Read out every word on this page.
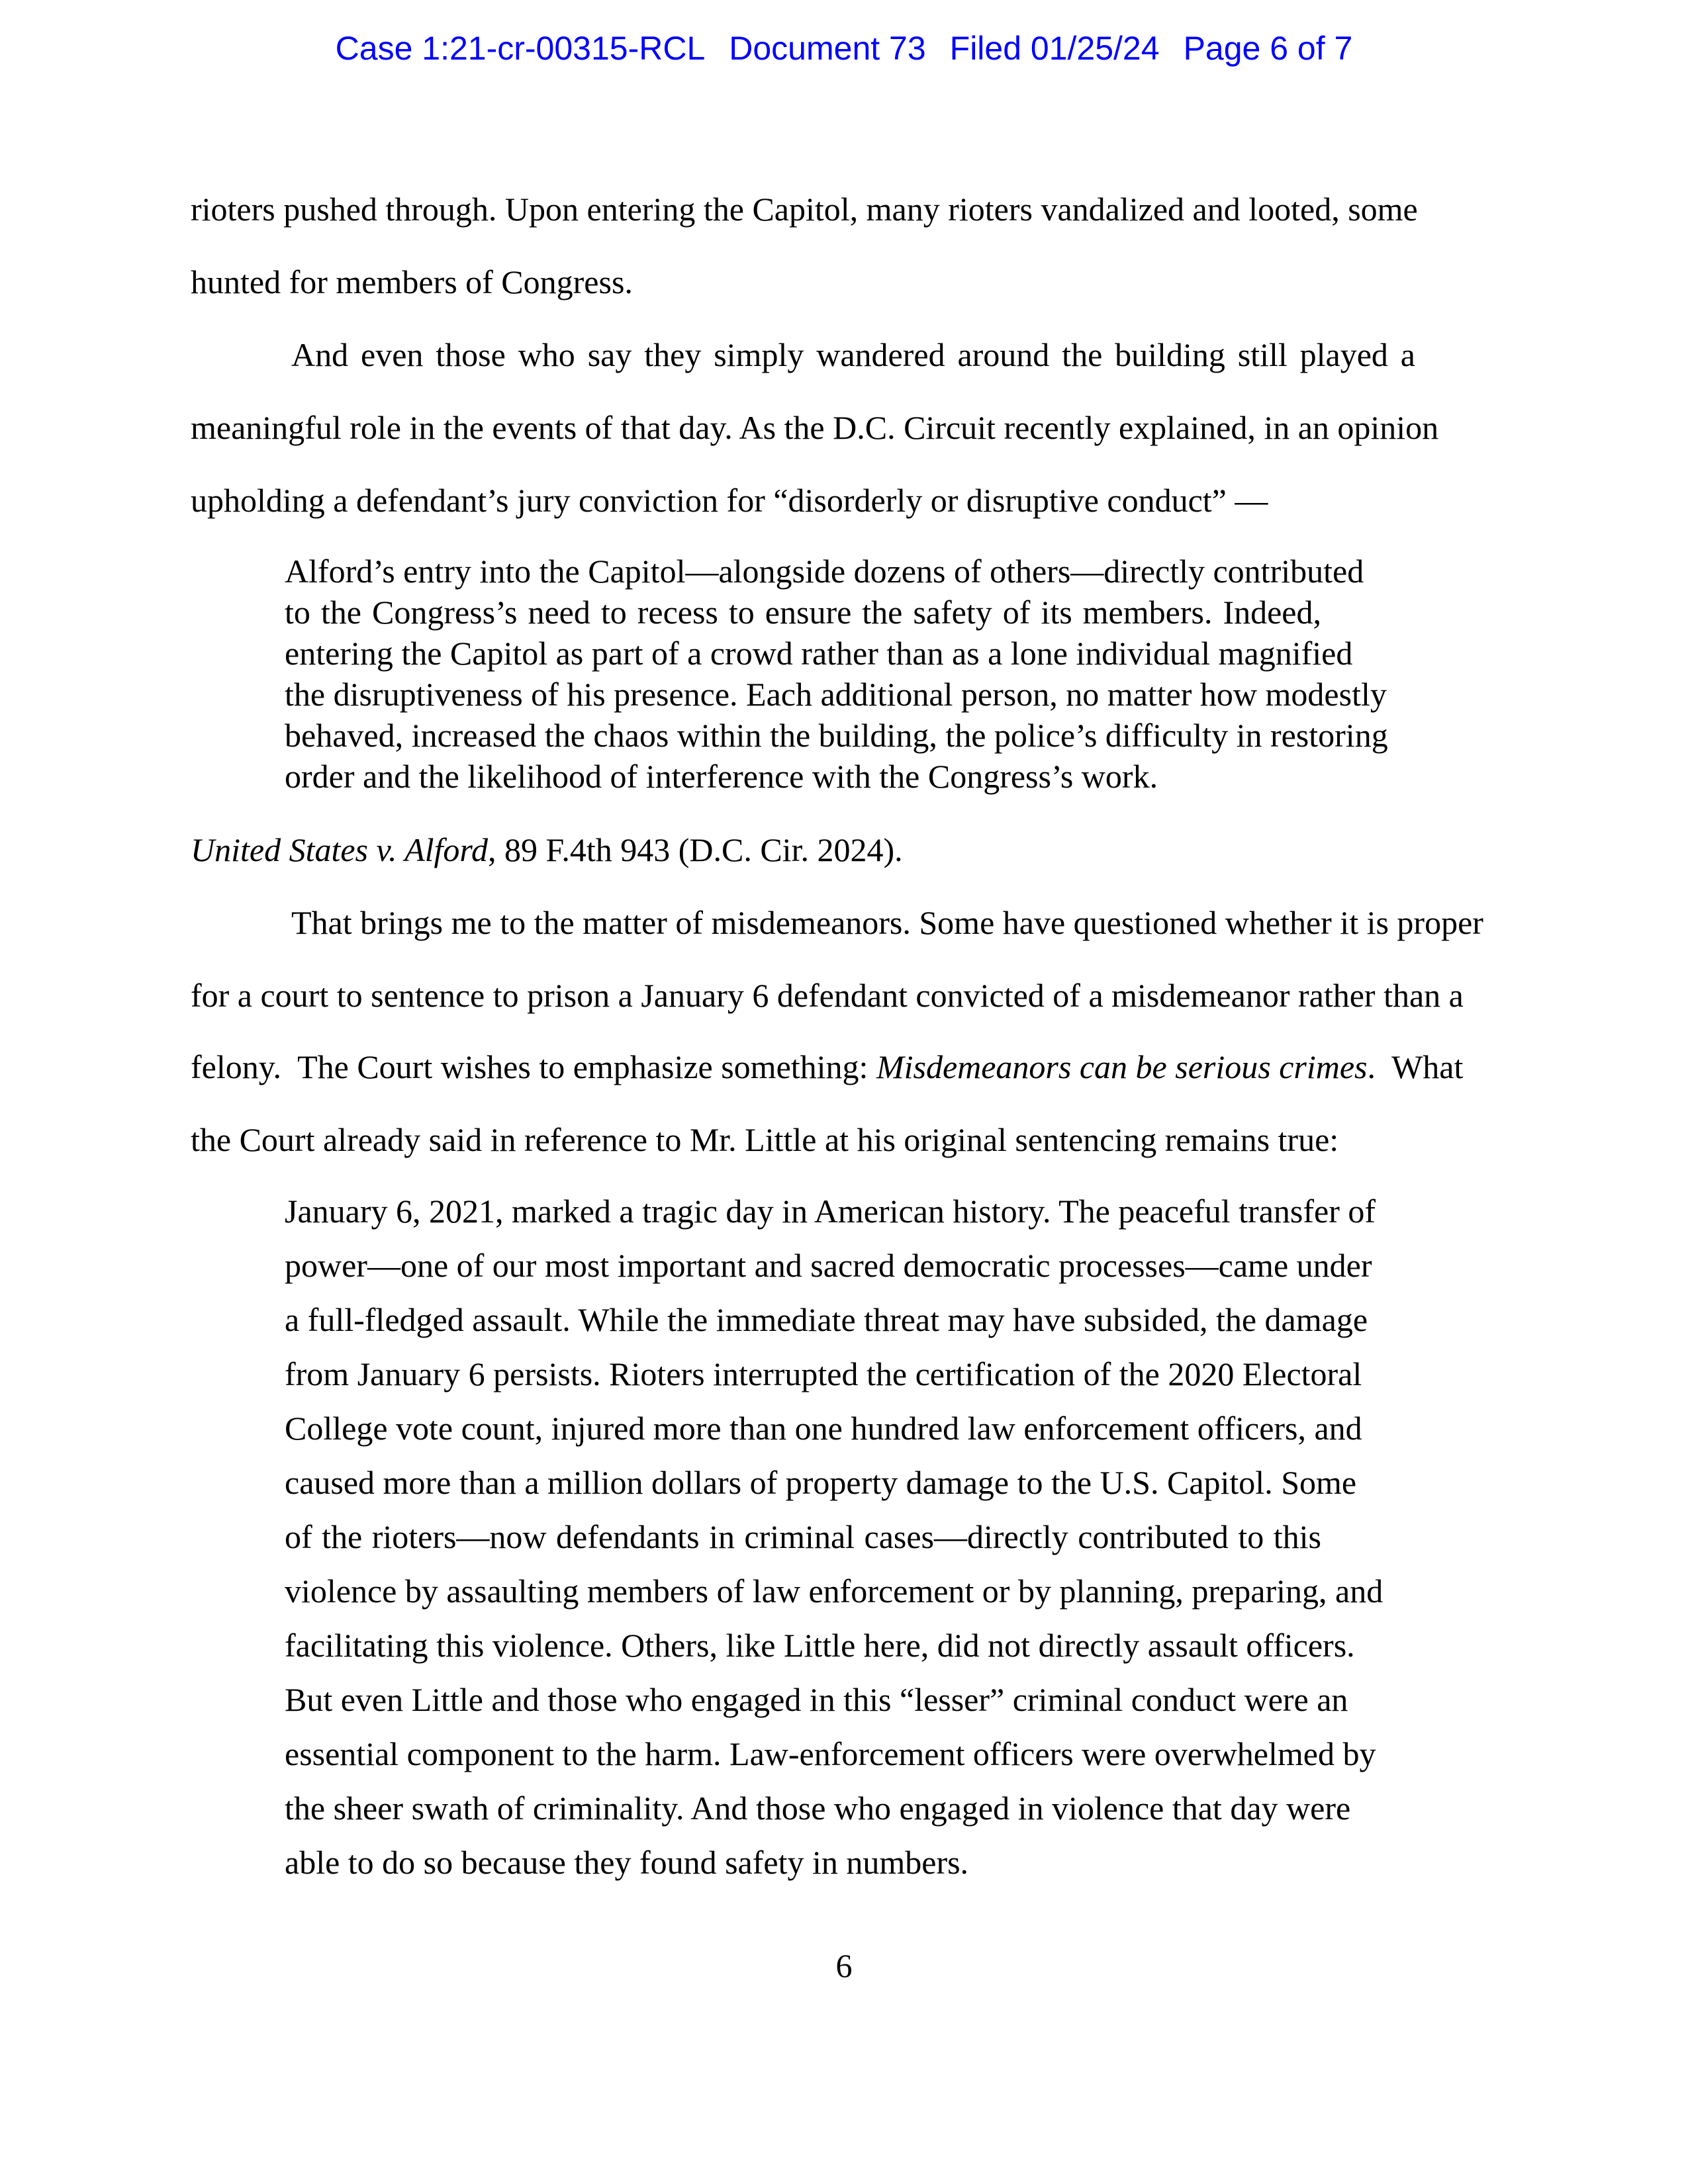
Case 1:21-cr-00315-RCL Document 73 Filed 01/25/24 Page 6 of 7
rioters pushed through. Upon entering the Capitol, many rioters vandalized and looted, some
hunted for members of Congress.
And even those who say they simply wandered around the building still played a
meaningful role in the events of that day. As the D.C. Circuit recently explained, in an opinion
upholding a defendant’s jury conviction for “disorderly or disruptive conduct” —
Alford’s entry into the Capitol—alongside dozens of others—directly contributed
to the Congress’s need to recess to ensure the safety of its members. Indeed,
entering the Capitol as part of a crowd rather than as a lone individual magnified
the disruptiveness of his presence. Each additional person, no matter how modestly
behaved, increased the chaos within the building, the police’s difficulty in restoring
order and the likelihood of interference with the Congress’s work.
United States v. Alford, 89 F.4th 943 (D.C. Cir. 2024).
That brings me to the matter of misdemeanors. Some have questioned whether it is proper
for a court to sentence to prison a January 6 defendant convicted of a misdemeanor rather than a
felony.  The Court wishes to emphasize something: Misdemeanors can be serious crimes.  What
the Court already said in reference to Mr. Little at his original sentencing remains true:
January 6, 2021, marked a tragic day in American history. The peaceful transfer of
power—one of our most important and sacred democratic processes—came under
a full-fledged assault. While the immediate threat may have subsided, the damage
from January 6 persists. Rioters interrupted the certification of the 2020 Electoral
College vote count, injured more than one hundred law enforcement officers, and
caused more than a million dollars of property damage to the U.S. Capitol. Some
of the rioters—now defendants in criminal cases—directly contributed to this
violence by assaulting members of law enforcement or by planning, preparing, and
facilitating this violence. Others, like Little here, did not directly assault officers.
But even Little and those who engaged in this “lesser” criminal conduct were an
essential component to the harm. Law-enforcement officers were overwhelmed by
the sheer swath of criminality. And those who engaged in violence that day were
able to do so because they found safety in numbers.
6
